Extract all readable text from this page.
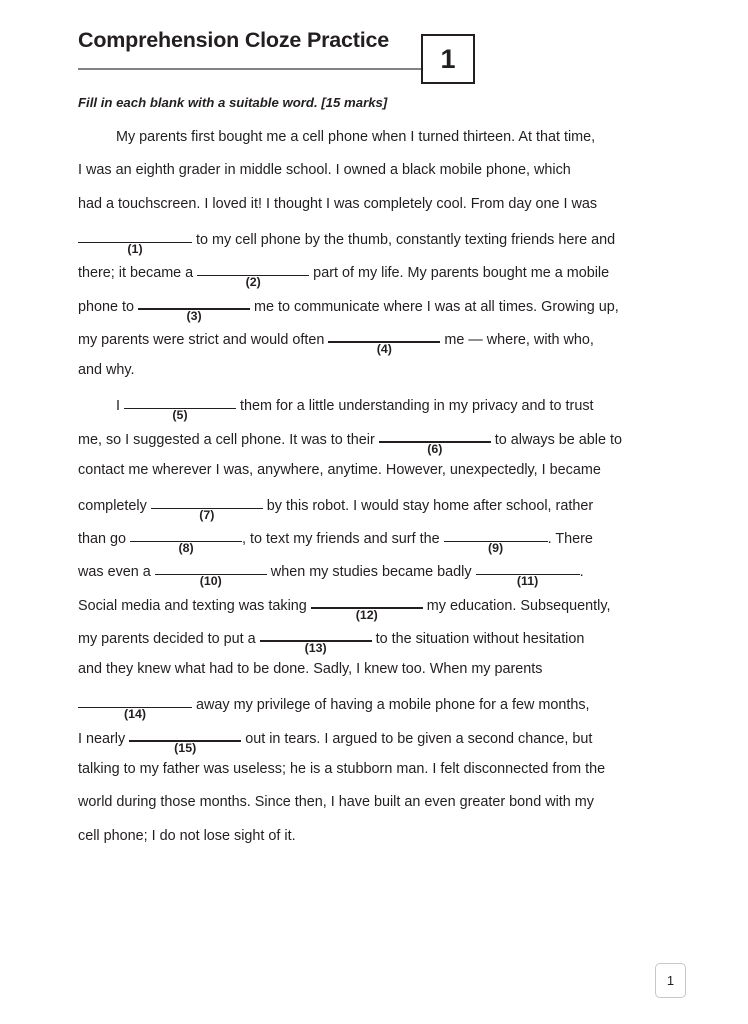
Comprehension Cloze Practice
1
Fill in each blank with a suitable word. [15 marks]
My parents first bought me a cell phone when I turned thirteen. At that time,
I was an eighth grader in middle school. I owned a black mobile phone, which
had a touchscreen. I loved it! I thought I was completely cool. From day one I was
(1)
to my cell phone by the thumb, constantly texting friends here and
there; it became a
(2)
part of my life. My parents bought me a mobile
phone to
(3)
me to communicate where I was at all times. Growing up,
my parents were strict and would often
(4)
me — where, with who,
and why.
I
(5)
them for a little understanding in my privacy and to trust
me, so I suggested a cell phone. It was to their
(6)
to always be able to
contact me wherever I was, anywhere, anytime. However, unexpectedly, I became
completely
(7)
by this robot. I would stay home after school, rather
than go
(8)
, to text my friends and surf the
(9)
. There
was even a
(10)
when my studies became badly
(11)
.
Social media and texting was taking
(12)
my education. Subsequently,
my parents decided to put a
(13)
to the situation without hesitation
and they knew what had to be done. Sadly, I knew too. When my parents
(14)
away my privilege of having a mobile phone for a few months,
I nearly
(15)
out in tears. I argued to be given a second chance, but
talking to my father was useless; he is a stubborn man. I felt disconnected from the
world during those months. Since then, I have built an even greater bond with my
cell phone; I do not lose sight of it.
1
